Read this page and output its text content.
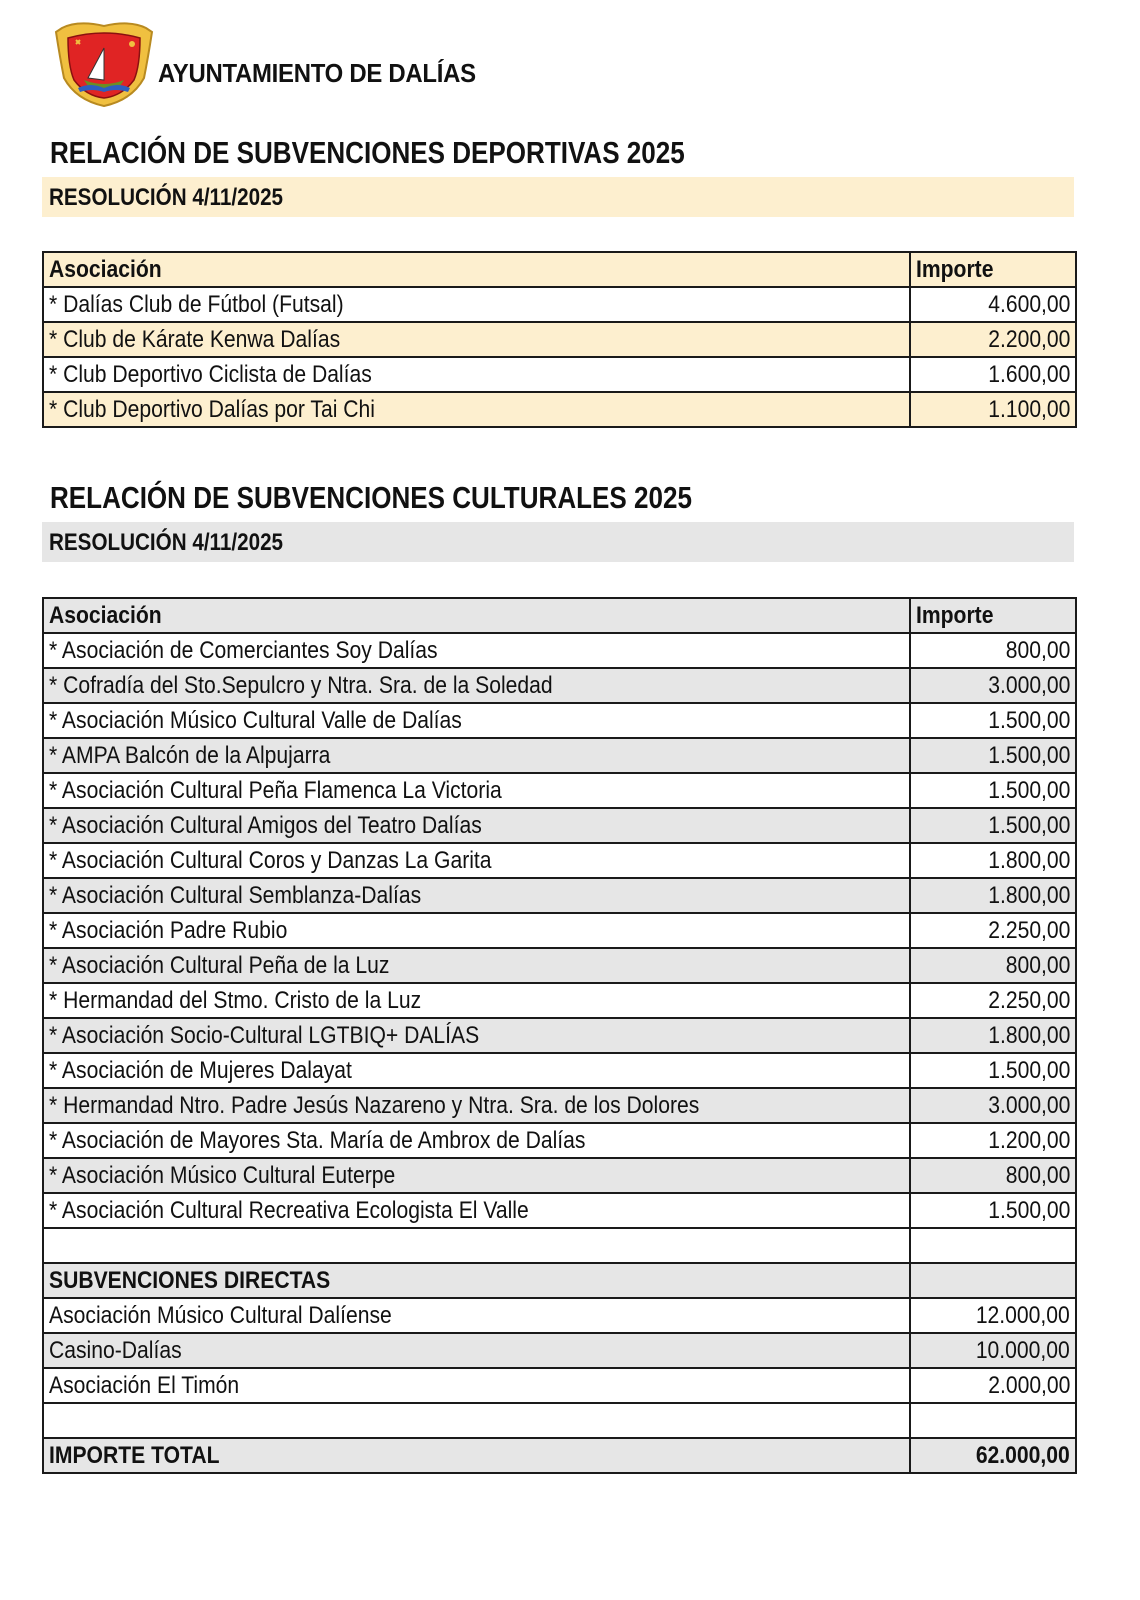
AYUNTAMIENTO DE DALÍAS
RELACIÓN DE SUBVENCIONES DEPORTIVAS 2025
RESOLUCIÓN 4/11/2025
Asociación	Importe
* Dalías Club de Fútbol (Futsal)	4.600,00
* Club de Kárate Kenwa Dalías	2.200,00
* Club Deportivo Ciclista de Dalías	1.600,00
* Club Deportivo Dalías por Tai Chi	1.100,00
RELACIÓN DE SUBVENCIONES CULTURALES 2025
RESOLUCIÓN 4/11/2025
Asociación	Importe
* Asociación de Comerciantes Soy Dalías	800,00
* Cofradía del Sto.Sepulcro y Ntra. Sra. de la Soledad	3.000,00
* Asociación Músico Cultural Valle de Dalías	1.500,00
* AMPA Balcón de la Alpujarra	1.500,00
* Asociación Cultural Peña Flamenca La Victoria	1.500,00
* Asociación Cultural Amigos del Teatro Dalías	1.500,00
* Asociación Cultural Coros y Danzas La Garita	1.800,00
* Asociación Cultural Semblanza-Dalías	1.800,00
* Asociación Padre Rubio	2.250,00
* Asociación Cultural Peña de la Luz	800,00
* Hermandad del Stmo. Cristo de la Luz	2.250,00
* Asociación Socio-Cultural LGTBIQ+ DALÍAS	1.800,00
* Asociación de Mujeres Dalayat	1.500,00
* Hermandad Ntro. Padre Jesús Nazareno y Ntra. Sra. de los Dolores	3.000,00
* Asociación de Mayores Sta. María de Ambrox de Dalías	1.200,00
* Asociación Músico Cultural Euterpe	800,00
* Asociación Cultural Recreativa Ecologista El Valle	1.500,00

SUBVENCIONES DIRECTAS	
Asociación Músico Cultural Dalíense	12.000,00
Casino-Dalías	10.000,00
Asociación El Timón	2.000,00

IMPORTE TOTAL	62.000,00
